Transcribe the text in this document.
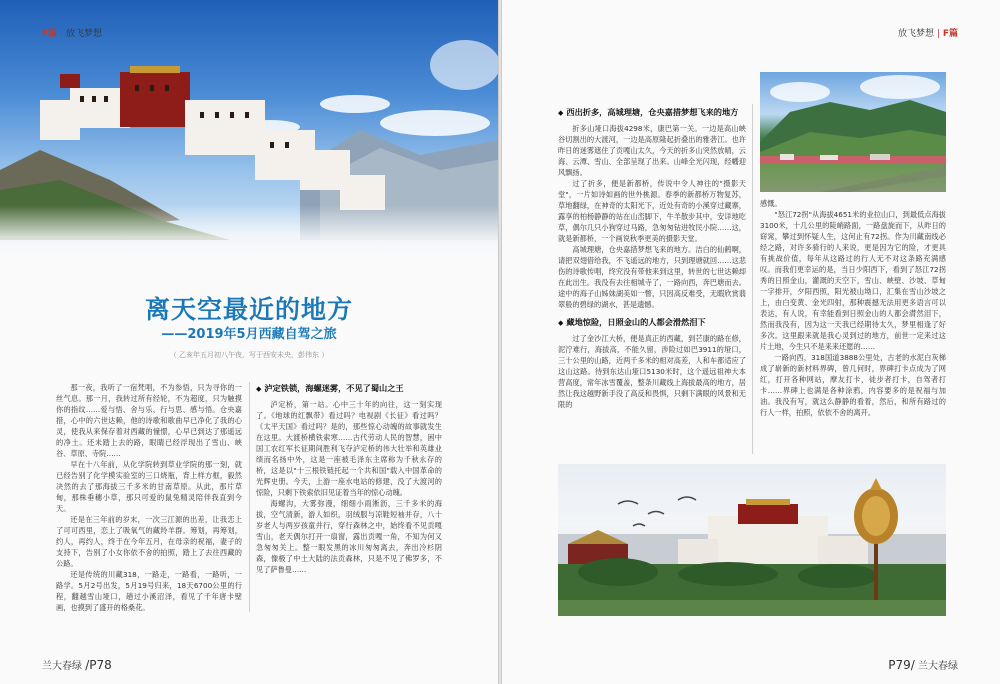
F篇 | 放飞梦想
离天空最近的地方
——2019年5月西藏自驾之旅
（ 乙亥年五月初八午夜，写于西安未央，彭伟东 ）

那一夜，我听了一宿梵唱，不为参悟，只为寻你的一丝气息。那一月，我转过所有经轮，不为超度，只为触摸你的指纹……爱与悟、舍与乐、行与思、感与悟。仓央嘉措，心中的六世达赖，他的诗歌和歌曲早已净化了我的心灵，使我从来保存着对西藏的憧憬，心早已到达了那遥远的净土。还未踏上去的路，眼睛已经浮现出了雪山、峡谷、草原、寺院……

早在十八年前，从化学院转到草业学院的那一刻，就已经告别了化学模实验室的三口烧瓶，背上样方框，毅然决然的去了那海拔三千多米的甘南草原。从此，那片草甸，那株垂穗小草，那只可爱的鼠兔精灵陪伴我直到今天。

还是在三年前的岁末，一次三江源的出差，让我恋上了可可西里，恋上了吸氧气的藏羚羊群。筹划，再筹划，约人，再约人，终于在今年五月，在母亲的祝福，妻子的支持下，告别了小女你依不舍的拍照，踏上了去往西藏的公路。

还是传统的川藏318，一路走，一路看，一路听，一路学。5月2号出发，5月19号归来，18天6700公里的行程，翻越雪山垭口，趟过小溪沼泽，看见了千年唐卡壁画，也摸到了盛开的格桑花。

◆ 泸定铁锁，海螺迷雾，不见了蜀山之王

泸定桥，第一站。心中三十年的向往，这一刻实现了。《地球的红飘带》看过吗？电视剧《长征》看过吗？《太平天国》看过吗？是的，那些惊心动魄的故事就发生在这里。大渡桥横铁索寒……古代劳动人民的智慧，困中国工农红军长征期间胜利飞夺泸定桥的伟大壮举和英雄业绩而名扬中外，这是一座被毛泽东主席称为千秋永存的桥，这是以"十三根铁链托起一个共和国"载入中国革命的光辉史册。今天，上游一座水电站的修建，没了大渡河的惊险，只剩下铁索依旧见证着当年的惊心动魄。

海螺沟，大雾弥漫，细细小雨淅沥，三千多米的海拔，空气清新，游人如织，羽绒服与凉鞋短袖并存，八十岁老人与两岁孩童并行，穿行森林之中，始终看不见贡嘎雪山，老天偶尔打开一扇窗，露出贡嘎一角，不知为何又急匆匆关上。整一眼发黑的冰川匆匆离去，奔出冷杉阴森，像极了中土大陆的法贡森林，只是不见了佛罗多，不见了萨鲁曼……

兰大春绿 /P78
放飞梦想 | F篇
◆ 西出折多，高城理塘，仓央嘉措梦想飞来的地方

折多山垭口海拔4298米，康巴第一关。一边是高山峡谷切割出的大渡河，一边是高原隆起折叠出的雅砻江。也许昨日的迷雾遮住了贡嘎山太久，今天的折多山突然放晴，云海、云潭、雪山、全部呈现了出来。山峰全光闪现，经幡迎风飘扬。

过了折多，便是新都桥，传说中令人神往的"摄影天堂"，一片如诗如画的世外桃源。春季的新都桥万物复苏，草地翻绿，在神奇的太阳光下，近处有奇的小溪穿过藏寨，露享的柏杨静静的站在山峦脚下，牛羊散步其中，安详地吃草，偶尔几只小狗穿过马路，急匆匆钻进牧民小院……这，就是新都桥，一个画说秋季更美的摄影天堂。

高城理塘，仓央嘉措梦想飞来的地方。洁白的仙鹤啊，请把双翅借给我，不飞遥远的地方，只到理塘就回……这悲伤的诗歌传唱，终究没有带他来到这里，转世的七世达赖却在此出生。我没有去往相城寺了，一路向西，奔巴塘而去。途中的海子山姊妹湖美如一瞥，只因高反难受，无暇欣赏翡翠般的碧绿的湖水，甚是遗憾。

◆ 藏地惊险，日照金山的人都会滑然泪下

过了金沙江大桥，便是真正的西藏，到芒康的路在修，泥泞难行，海拔高，不能久留，涉险过如巴3911的垭口，三十公里的山路，近两千多米的相对高差，人和车都适应了这山这路。待到东达山垭口5130米时，这个遥远祖神大本营高度，常年冰雪覆盖，整条川藏线上海拔最高的地方，居然让我这越野新手没了高反和畏惧，只剩下满眼的风景和无限的

感慨。

"怒江72拐"从海拔4651米的业拉山口，到最低点海拔3100米，十几公里的陡峭路面，一路盘旋而下，从昨日的窈窕，攀过到怀疑人生，这何止有72拐。作为川藏南线必经之路，对许多骑行的人来说，更是因为它的险，才更具有挑战价值，每年从这路过的行人无不对这条路充满感叹。而我们更幸运的是，当日少阳西下，看到了怒江72拐秀的日照金山，灌溉的天空下，雪山、峡壁、沙坡、草甸一字排开，夕阳西照，阳光被山坳口，汇集在雪山沙坡之上，由白变黄、金光四射，那种震撼无法用更多语言可以表达，有人说，有幸能看到日照金山的人都会潸然泪下，然而我没有，因为这一天我已经期待太久，梦里相逢了好多次。这里跟来就是我心灵到过的地方，前世一定来过这片土地，今生只不是来来还愿的……

一路向西，318国道3888公里处，古老的水泥白灰梯成了崭新的新材料界碑，曾几何时，界碑打卡点成为了网红，打开各种网站，摩友打卡，徒步者打卡，自驾者打卡……界碑上也满是各种涂鸦，内容要多的是祝福与加油。我没有写，就这么静静的看着，然后，和所有路过的行人一样，拍照，依依不舍的离开。

P79/ 兰大春绿
